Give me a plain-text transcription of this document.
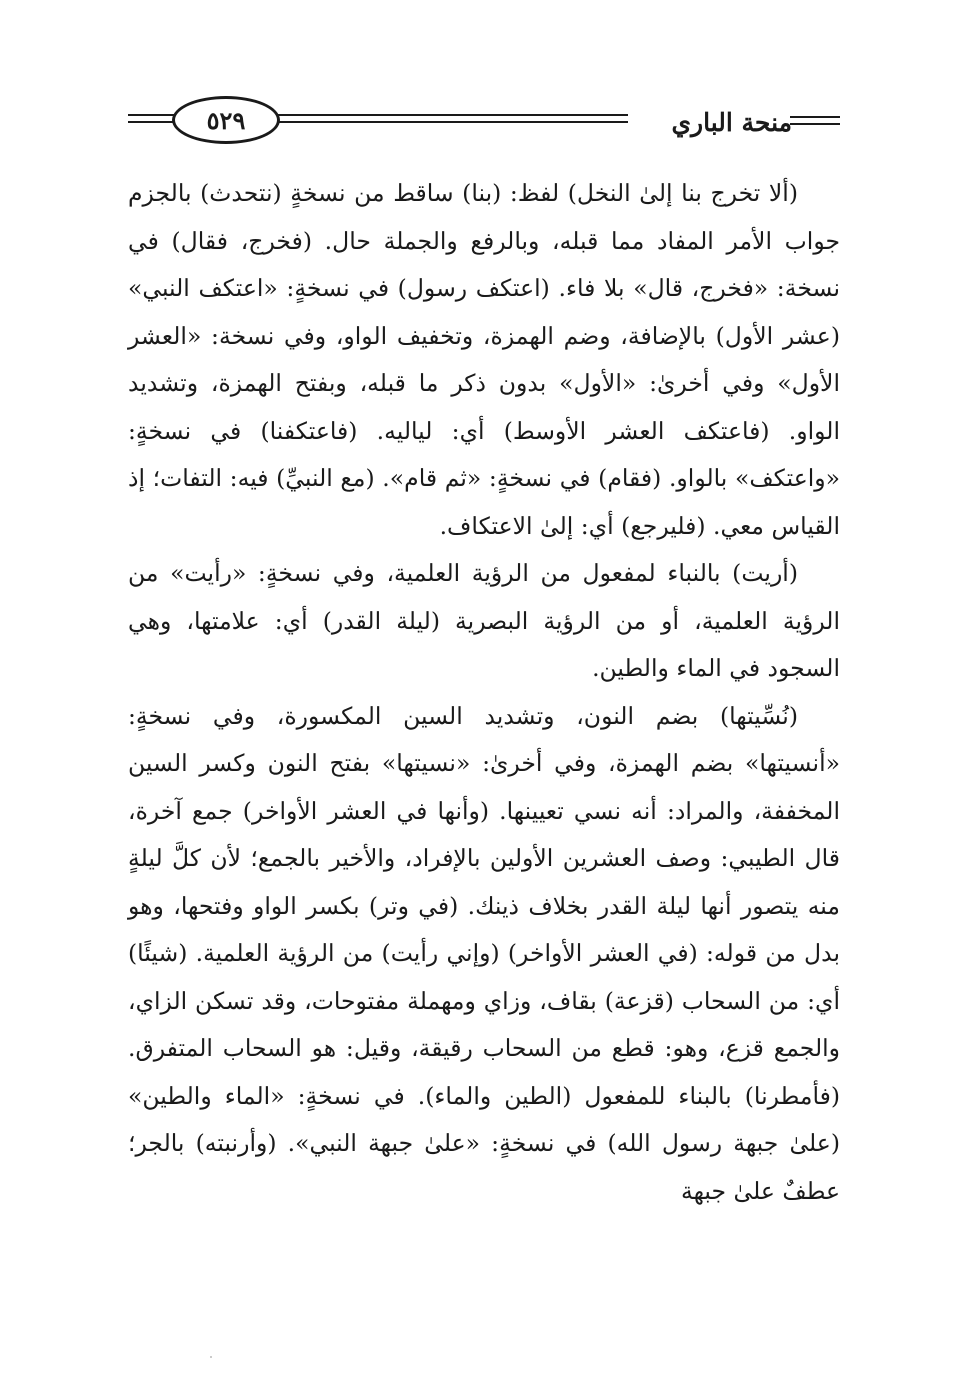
٥٢٩	منحة الباري

(ألا تخرج بنا إلىٰ النخل) لفظ: (بنا) ساقط من نسخةٍ (نتحدث) بالجزم جواب الأمر المفاد مما قبله، وبالرفع والجملة حال. (فخرج، فقال) في نسخة: «فخرج، قال» بلا فاء. (اعتكف رسول) في نسخةٍ: «اعتكف النبي» (عشر الأول) بالإضافة، وضم الهمزة، وتخفيف الواو، وفي نسخة: «العشر الأول» وفي أخرىٰ: «الأول» بدون ذكر ما قبله، وبفتح الهمزة، وتشديد الواو. (فاعتكف العشر الأوسط) أي: لياليه. (فاعتكفنا) في نسخةٍ: «واعتكف» بالواو. (فقام) في نسخةٍ: «ثم قام». (مع النبيِّ) فيه: التفات؛ إذ القياس معي. (فليرجع) أي: إلىٰ الاعتكاف.

(أريت) بالنباء لمفعول من الرؤية العلمية، وفي نسخةٍ: «رأيت» من الرؤية العلمية، أو من الرؤية البصرية (ليلة القدر) أي: علامتها، وهي السجود في الماء والطين.

(نُسِّيتها) بضم النون، وتشديد السين المكسورة، وفي نسخةٍ: «أنسيتها» بضم الهمزة، وفي أخرىٰ: «نسيتها» بفتح النون وكسر السين المخففة، والمراد: أنه نسي تعيينها. (وأنها في العشر الأواخر) جمع آخرة، قال الطيبي: وصف العشرين الأولين بالإفراد، والأخير بالجمع؛ لأن كلَّ ليلةٍ منه يتصور أنها ليلة القدر بخلاف ذينك. (في وتر) بكسر الواو وفتحها، وهو بدل من قوله: (في العشر الأواخر) (وإني رأيت) من الرؤية العلمية. (شيئًا) أي: من السحاب (قزعة) بقاف، وزاي ومهملة مفتوحات، وقد تسكن الزاي، والجمع قزع، وهو: قطع من السحاب رقيقة، وقيل: هو السحاب المتفرق. (فأمطرنا) بالبناء للمفعول (الطين والماء). في نسخةٍ: «الماء والطين» (علىٰ جبهة رسول الله) في نسخةٍ: «علىٰ جبهة النبي». (وأرنبته) بالجر؛ عطفٌ علىٰ جبهة
